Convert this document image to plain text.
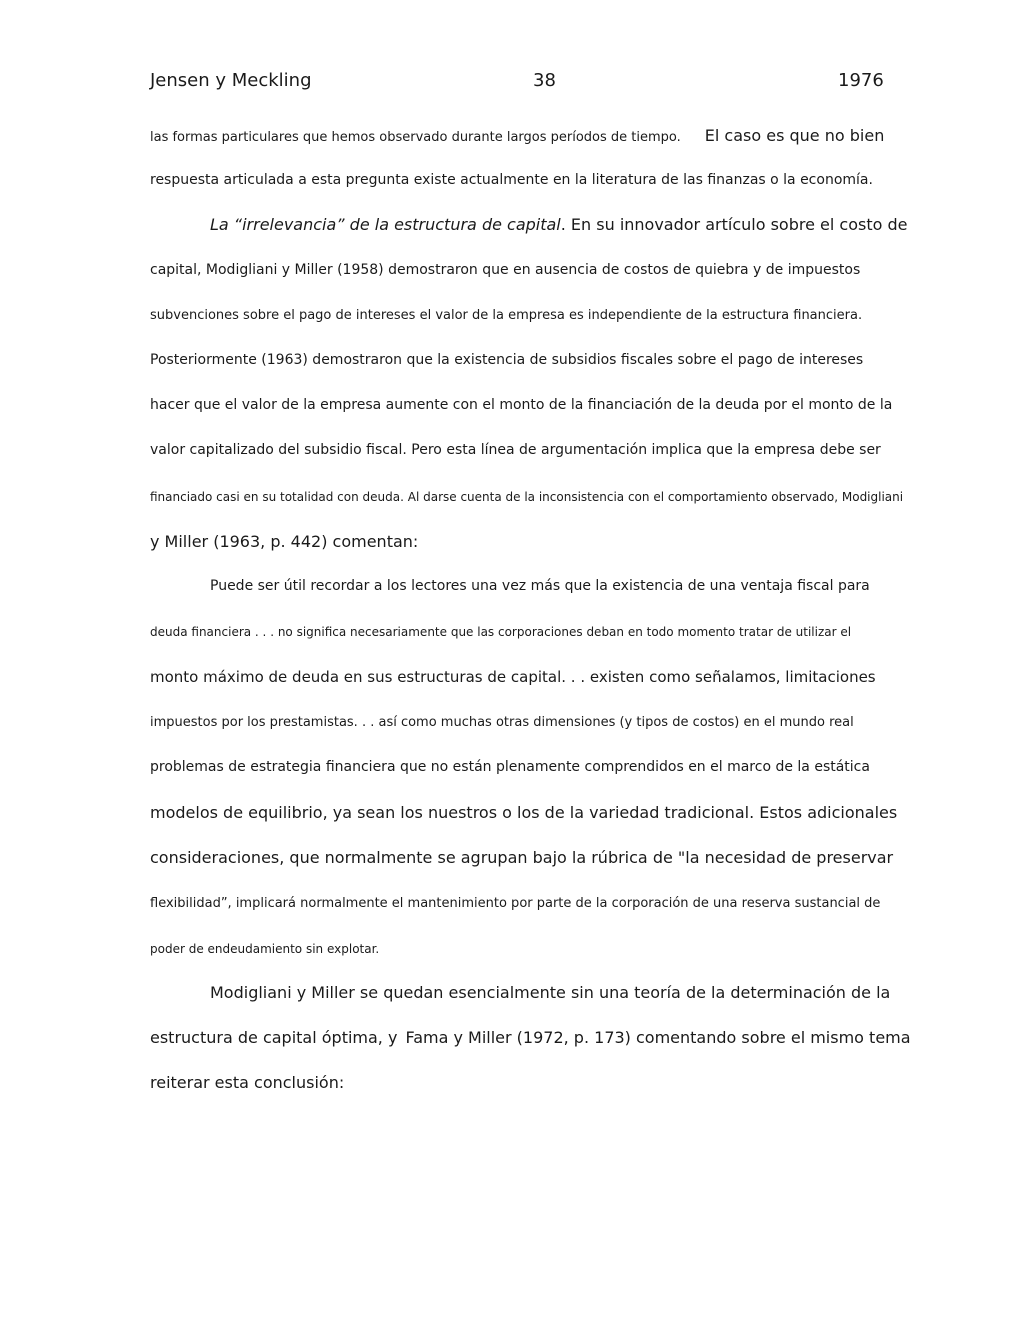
Jensen y Meckling	38	1976
las formas particulares que hemos observado durante largos períodos de tiempo. El caso es que no bien
respuesta articulada a esta pregunta existe actualmente en la literatura de las finanzas o la economía.
La “irrelevancia” de la estructura de capital. En su innovador artículo sobre el costo de
capital, Modigliani y Miller (1958) demostraron que en ausencia de costos de quiebra y de impuestos
subvenciones sobre el pago de intereses el valor de la empresa es independiente de la estructura financiera.
Posteriormente (1963) demostraron que la existencia de subsidios fiscales sobre el pago de intereses
hacer que el valor de la empresa aumente con el monto de la financiación de la deuda por el monto de la
valor capitalizado del subsidio fiscal. Pero esta línea de argumentación implica que la empresa debe ser
financiado casi en su totalidad con deuda. Al darse cuenta de la inconsistencia con el comportamiento observado, Modigliani
y Miller (1963, p. 442) comentan:
Puede ser útil recordar a los lectores una vez más que la existencia de una ventaja fiscal para
deuda financiera . . . no significa necesariamente que las corporaciones deban en todo momento tratar de utilizar el
monto máximo de deuda en sus estructuras de capital. . . existen como señalamos, limitaciones
impuestos por los prestamistas. . . así como muchas otras dimensiones (y tipos de costos) en el mundo real
problemas de estrategia financiera que no están plenamente comprendidos en el marco de la estática
modelos de equilibrio, ya sean los nuestros o los de la variedad tradicional. Estos adicionales
consideraciones, que normalmente se agrupan bajo la rúbrica de "la necesidad de preservar
flexibilidad”, implicará normalmente el mantenimiento por parte de la corporación de una reserva sustancial de
poder de endeudamiento sin explotar.
Modigliani y Miller se quedan esencialmente sin una teoría de la determinación de la
estructura de capital óptima, y Fama y Miller (1972, p. 173) comentando sobre el mismo tema
reiterar esta conclusión:
